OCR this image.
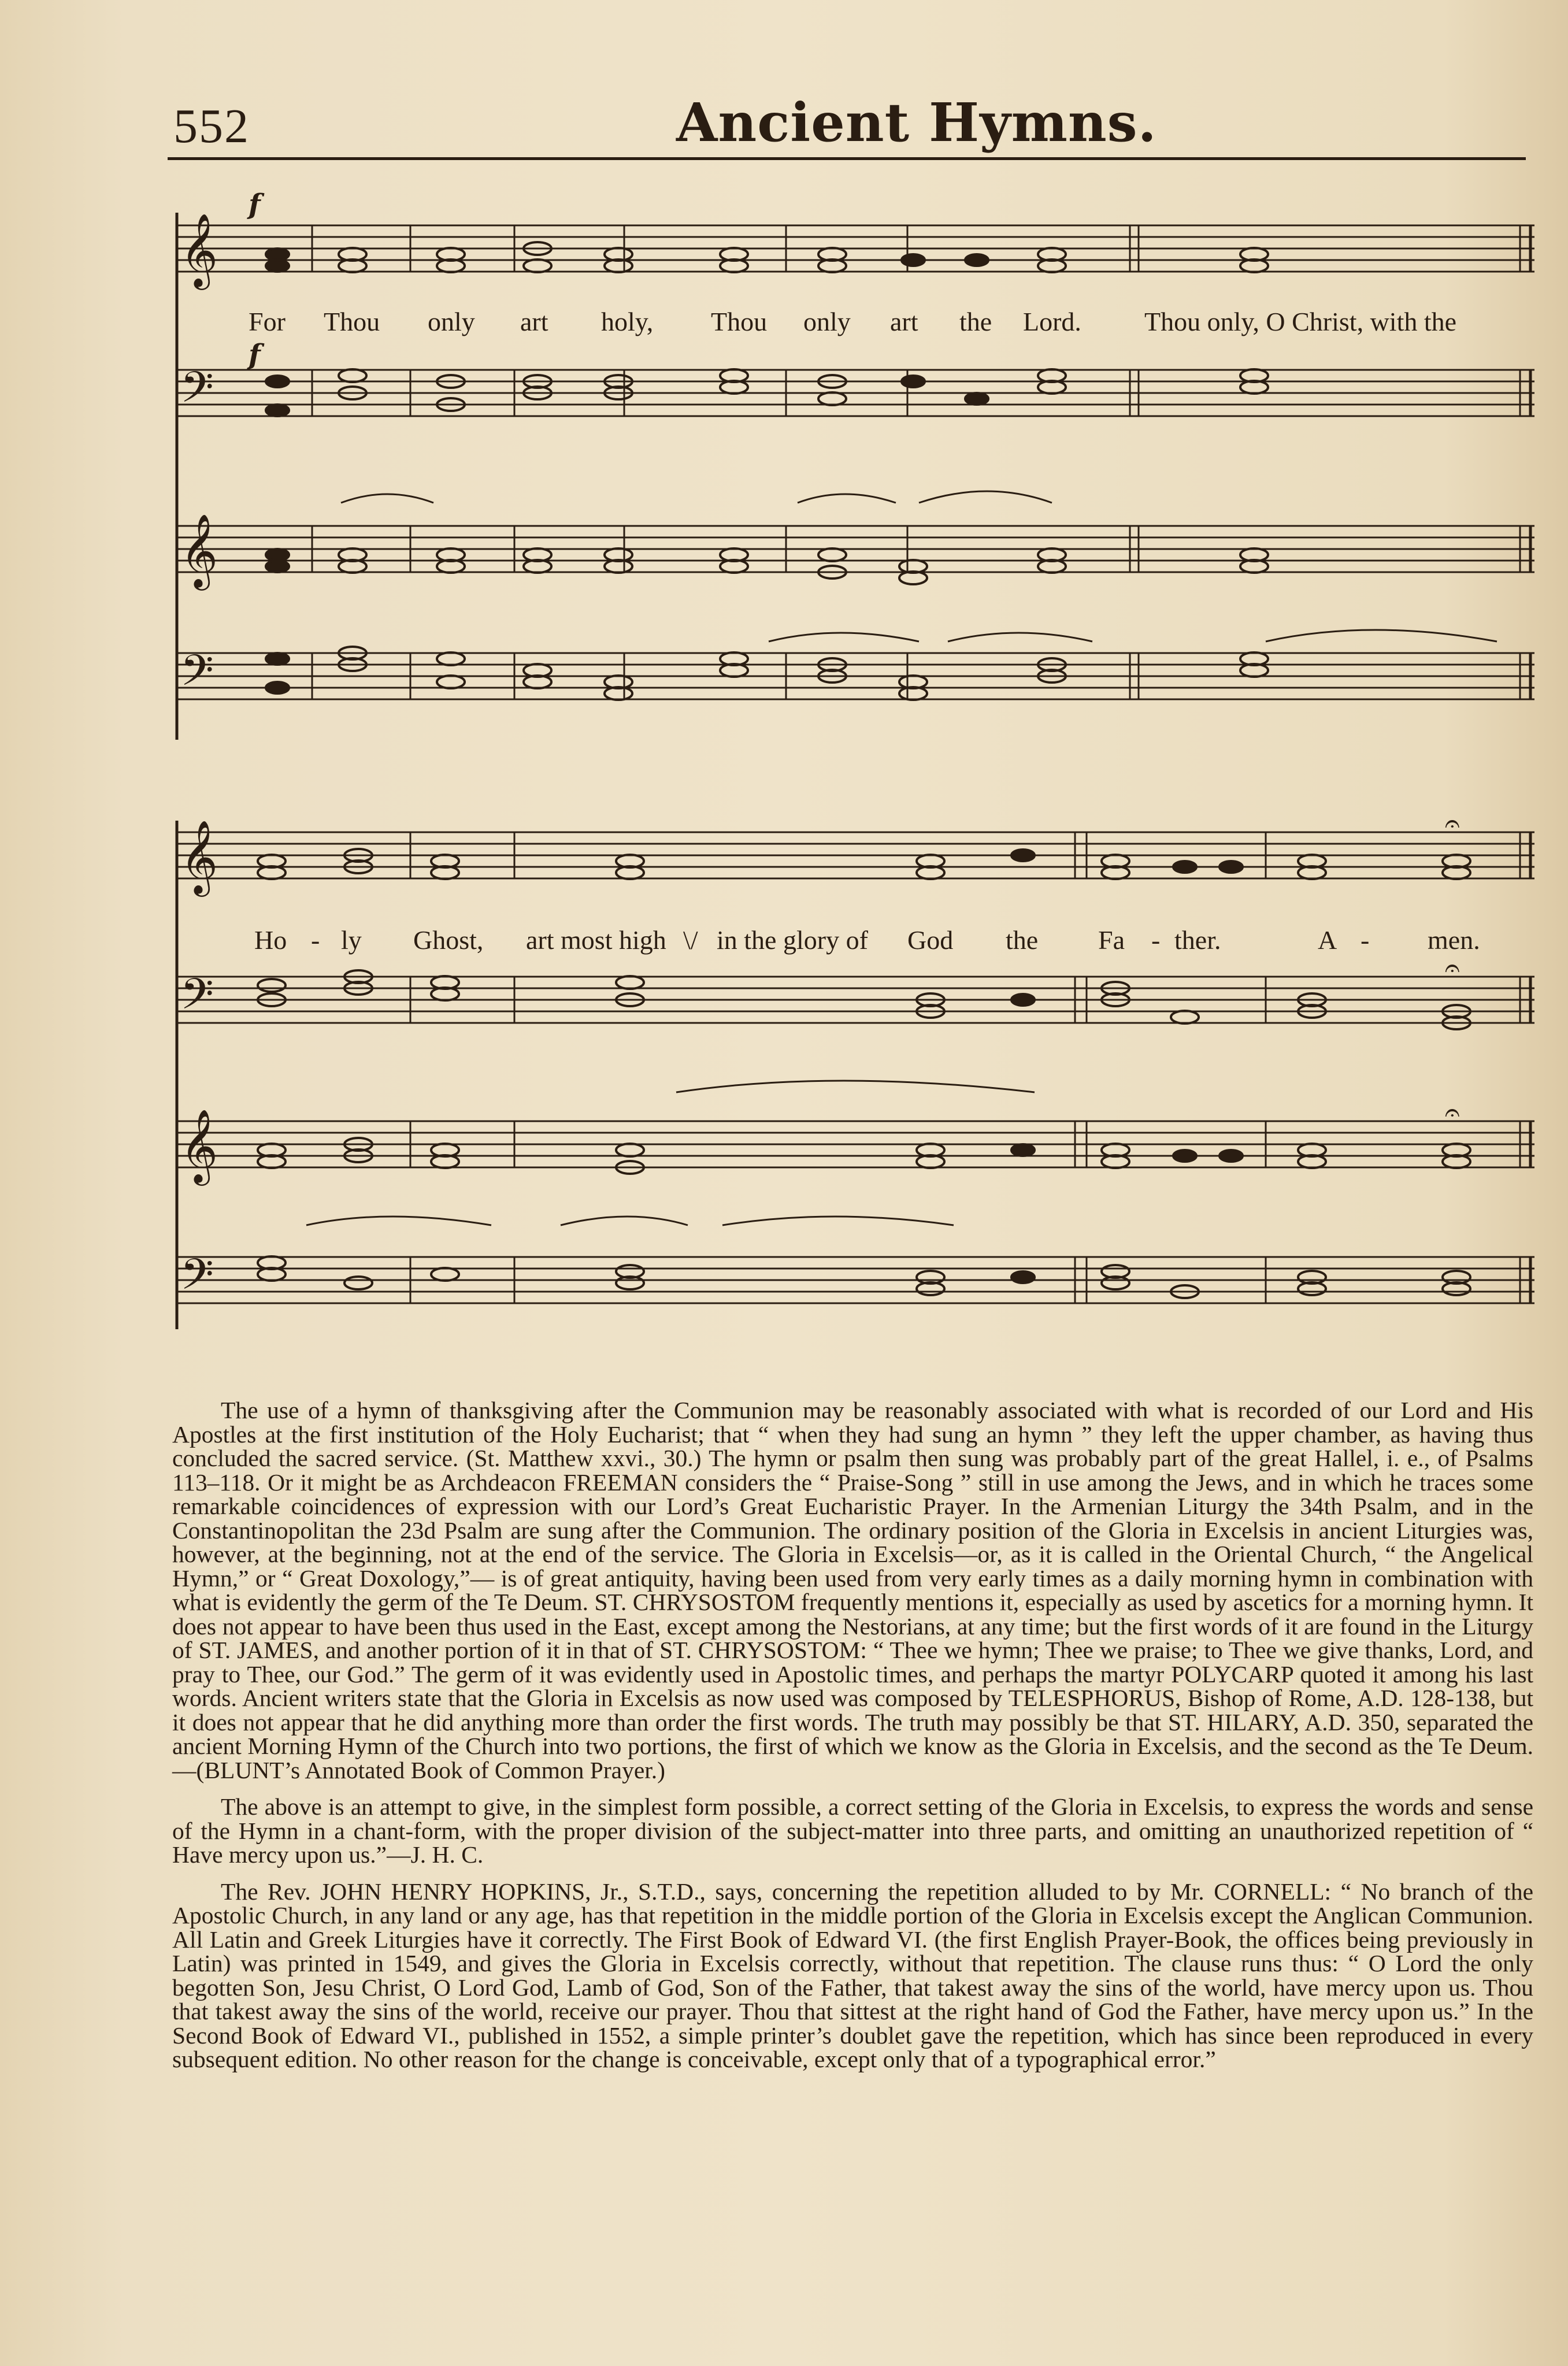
552	Ancient Hymns.
𝄞
𝄢
𝄞
𝄢
𝄞
𝄢
𝄞
𝄢
f
f
𝄐
𝄐
𝄐
For Thou only art holy, Thou only art the Lord. Thou only, O Christ, with the
Ho - ly Ghost, art most high \/ in the glory of God the Fa - ther.	A - men.

The use of a hymn of thanksgiving after the Communion may be reasonably associated with what is recorded of our Lord and His Apostles at the first institution of the Holy Eucharist; that “ when they had sung an hymn ” they left the upper chamber, as having thus concluded the sacred service. (St. Matthew xxvi., 30.) The hymn or psalm then sung was probably part of the great Hallel, i. e., of Psalms 113–118. Or it might be as Archdeacon FREEMAN considers the “ Praise-Song ” still in use among the Jews, and in which he traces some remarkable coincidences of expression with our Lord’s Great Eucharistic Prayer. In the Armenian Liturgy the 34th Psalm, and in the Constantinopolitan the 23d Psalm are sung after the Communion. The ordinary position of the Gloria in Excelsis in ancient Liturgies was, however, at the beginning, not at the end of the service. The Gloria in Excelsis—or, as it is called in the Oriental Church, “ the Angelical Hymn,” or “ Great Doxology,”— is of great antiquity, having been used from very early times as a daily morning hymn in combination with what is evidently the germ of the Te Deum. ST. CHRYSOSTOM frequently mentions it, especially as used by ascetics for a morning hymn. It does not appear to have been thus used in the East, except among the Nestorians, at any time; but the first words of it are found in the Liturgy of ST. JAMES, and another portion of it in that of ST. CHRYSOSTOM: “ Thee we hymn; Thee we praise; to Thee we give thanks, Lord, and pray to Thee, our God.” The germ of it was evidently used in Apostolic times, and perhaps the martyr POLYCARP quoted it among his last words. Ancient writers state that the Gloria in Excelsis as now used was composed by TELESPHORUS, Bishop of Rome, A.D. 128-138, but it does not appear that he did anything more than order the first words. The truth may possibly be that ST. HILARY, A.D. 350, separated the ancient Morning Hymn of the Church into two portions, the first of which we know as the Gloria in Excelsis, and the second as the Te Deum. —(BLUNT’s Annotated Book of Common Prayer.)

The above is an attempt to give, in the simplest form possible, a correct setting of the Gloria in Excelsis, to express the words and sense of the Hymn in a chant-form, with the proper division of the subject-matter into three parts, and omitting an unauthorized repetition of “ Have mercy upon us.”—J. H. C.

The Rev. JOHN HENRY HOPKINS, Jr., S.T.D., says, concerning the repetition alluded to by Mr. CORNELL: “ No branch of the Apostolic Church, in any land or any age, has that repetition in the middle portion of the Gloria in Excelsis except the Anglican Communion. All Latin and Greek Liturgies have it correctly. The First Book of Edward VI. (the first English Prayer-Book, the offices being previously in Latin) was printed in 1549, and gives the Gloria in Excelsis correctly, without that repetition. The clause runs thus: “ O Lord the only begotten Son, Jesu Christ, O Lord God, Lamb of God, Son of the Father, that takest away the sins of the world, have mercy upon us. Thou that takest away the sins of the world, receive our prayer. Thou that sittest at the right hand of God the Father, have mercy upon us.” In the Second Book of Edward VI., published in 1552, a simple printer’s doublet gave the repetition, which has since been reproduced in every subsequent edition. No other reason for the change is conceivable, except only that of a typographical error.”
